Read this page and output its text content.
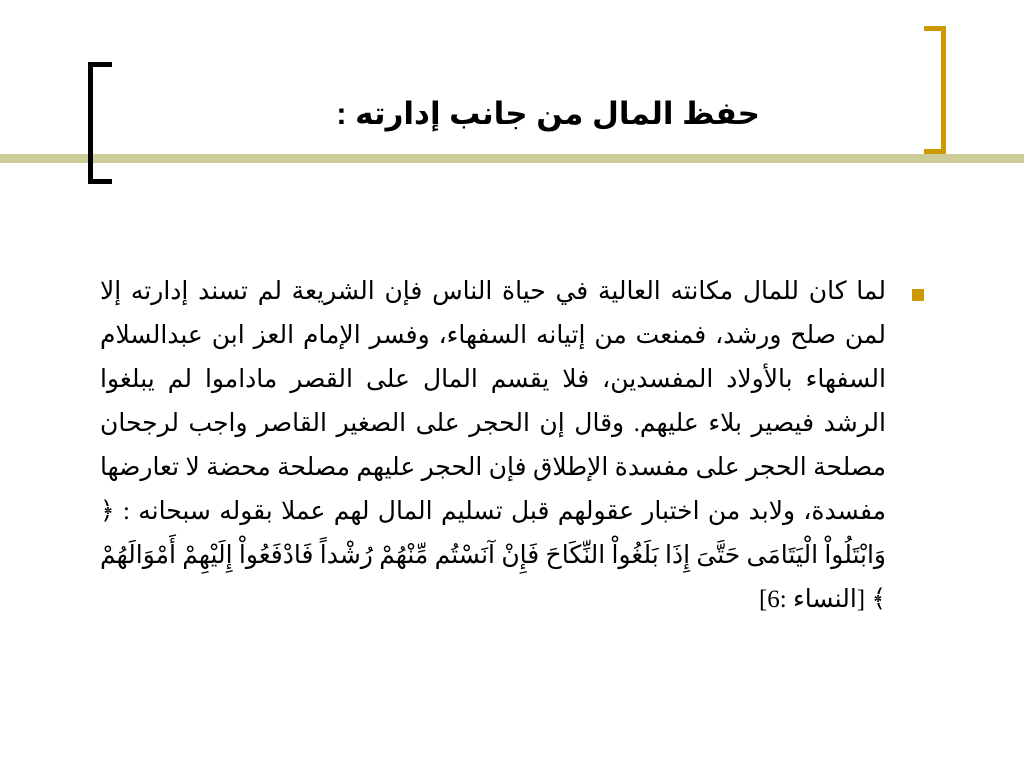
حفظ المال من جانب إدارته :

لما كان للمال مكانته العالية في حياة الناس فإن الشريعة لم تسند إدارته إلا لمن صلح ورشد، فمنعت من إتيانه السفهاء، وفسر الإمام العز ابن عبدالسلام السفهاء بالأولاد المفسدين، فلا يقسم المال على القصر ماداموا لم يبلغوا الرشد فيصير بلاء عليهم. وقال إن الحجر على الصغير القاصر واجب لرجحان مصلحة الحجر على مفسدة الإطلاق فإن الحجر عليهم مصلحة محضة لا تعارضها مفسدة، ولابد من اختبار عقولهم قبل تسليم المال لهم عملا بقوله سبحانه : ﴿ وَابْتَلُواْ الْيَتَامَى حَتَّىَ إِذَا بَلَغُواْ النِّكَاحَ فَإِنْ آنَسْتُم مِّنْهُمْ رُشْداً فَادْفَعُواْ إِلَيْهِمْ أَمْوَالَهُمْ ﴾ [النساء :6]
